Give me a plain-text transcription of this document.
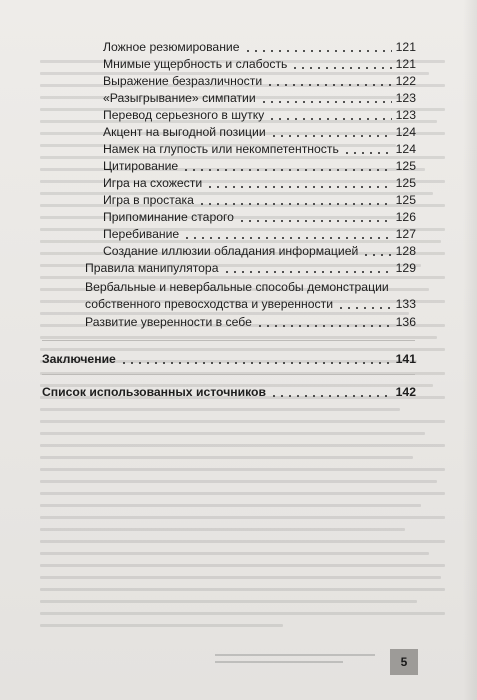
Ложное резюмирование	121
Мнимые ущербность и слабость	121
Выражение безразличности	122
«Разыгрывание» симпатии	123
Перевод серьезного в шутку	123
Акцент на выгодной позиции	124
Намек на глупость или некомпетентность	124
Цитирование	125
Игра на схожести	125
Игра в простака	125
Припоминание старого	126
Перебивание	127
Создание иллюзии обладания информацией	128
Правила манипулятора	129
Вербальные и невербальные способы демонстрации
собственного превосходства и уверенности	133
Развитие уверенности в себе	136
Заключение	141
Список использованных источников	142
5
